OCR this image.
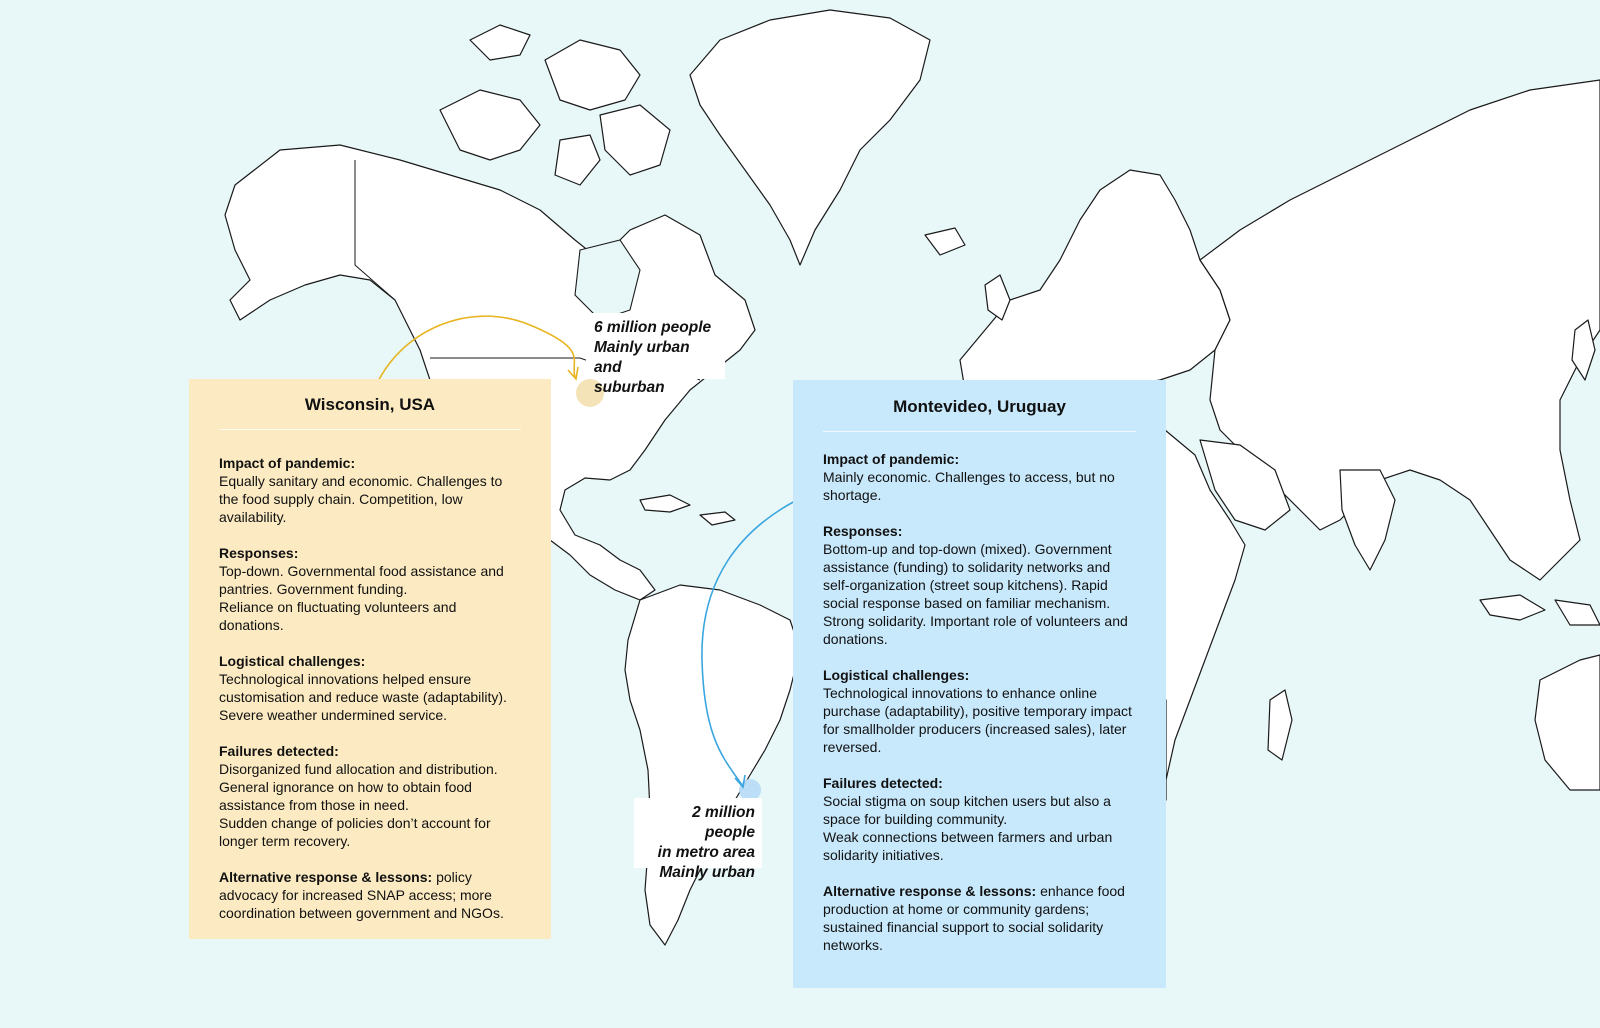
6 million people
Mainly urban and
suburban
2 million people
in metro area
Mainly urban
Wisconsin, USA
Impact of pandemic:
Equally sanitary and economic. Challenges to the food supply chain. Competition, low availability.
Responses:
Top-down. Governmental food assistance and pantries. Government funding.
Reliance on fluctuating volunteers and donations.
Logistical challenges:
Technological innovations helped ensure customisation and reduce waste (adaptability).
Severe weather undermined service.
Failures detected:
Disorganized fund allocation and distribution.
General ignorance on how to obtain food assistance from those in need.
Sudden change of policies don’t account for longer term recovery.
Alternative response & lessons: policy advocacy for increased SNAP access; more coordination between government and NGOs.
Montevideo, Uruguay
Impact of pandemic:
Mainly economic. Challenges to access, but no shortage.
Responses:
Bottom-up and top-down (mixed). Government assistance (funding) to solidarity networks and self-organization (street soup kitchens). Rapid social response based on familiar mechanism. Strong solidarity. Important role of volunteers and donations.
Logistical challenges:
Technological innovations to enhance online purchase (adaptability), positive temporary impact for smallholder producers (increased sales), later reversed.
Failures detected:
Social stigma on soup kitchen users but also a space for building community.
Weak connections between farmers and urban solidarity initiatives.
Alternative response & lessons: enhance food production at home or community gardens; sustained financial support to social solidarity networks.
